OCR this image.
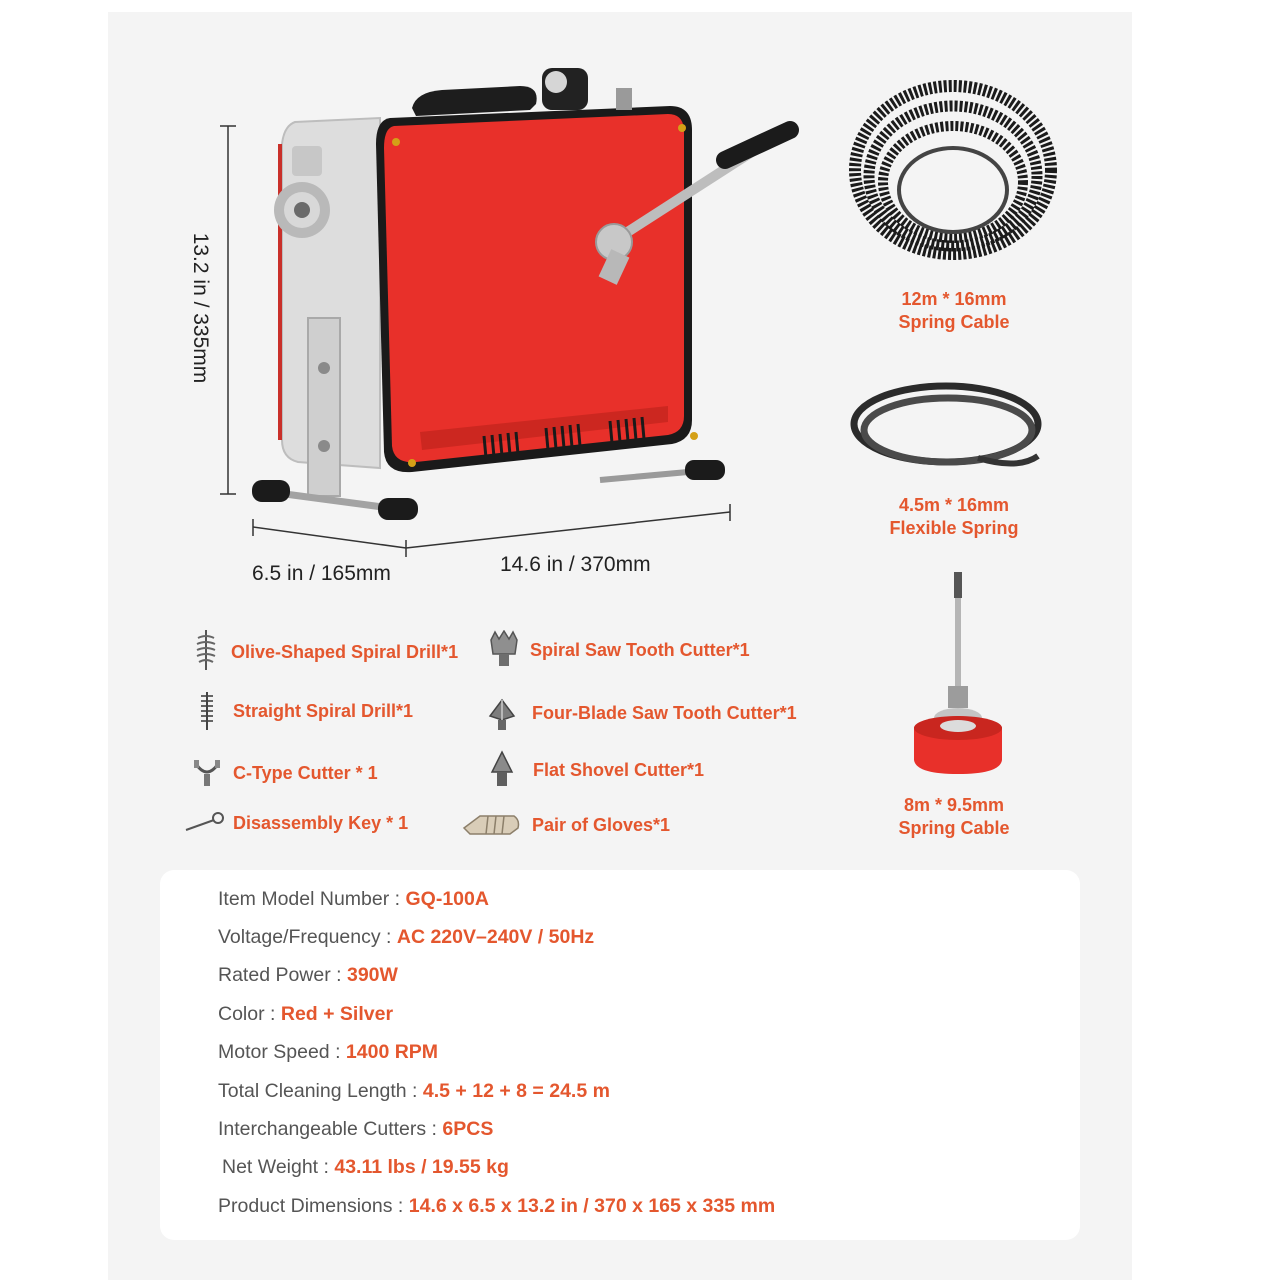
13.2 in / 335mm
6.5 in / 165mm	14.6 in / 370mm
12m * 16mm
Spring Cable
4.5m * 16mm
Flexible Spring
8m * 9.5mm
Spring Cable
Olive-Shaped Spiral Drill*1
Straight Spiral Drill*1
C-Type Cutter * 1
Disassembly Key * 1
Spiral Saw Tooth Cutter*1
Four-Blade Saw Tooth Cutter*1
Flat Shovel Cutter*1
Pair of Gloves*1
Item Model Number : GQ-100A
Voltage/Frequency : AC 220V–240V / 50Hz
Rated Power : 390W
Color : Red + Silver
Motor Speed : 1400 RPM
Total Cleaning Length : 4.5 + 12 + 8 = 24.5 m
Interchangeable Cutters : 6PCS
Net Weight : 43.11 lbs / 19.55 kg
Product Dimensions : 14.6 x 6.5 x 13.2 in / 370 x 165 x 335 mm
